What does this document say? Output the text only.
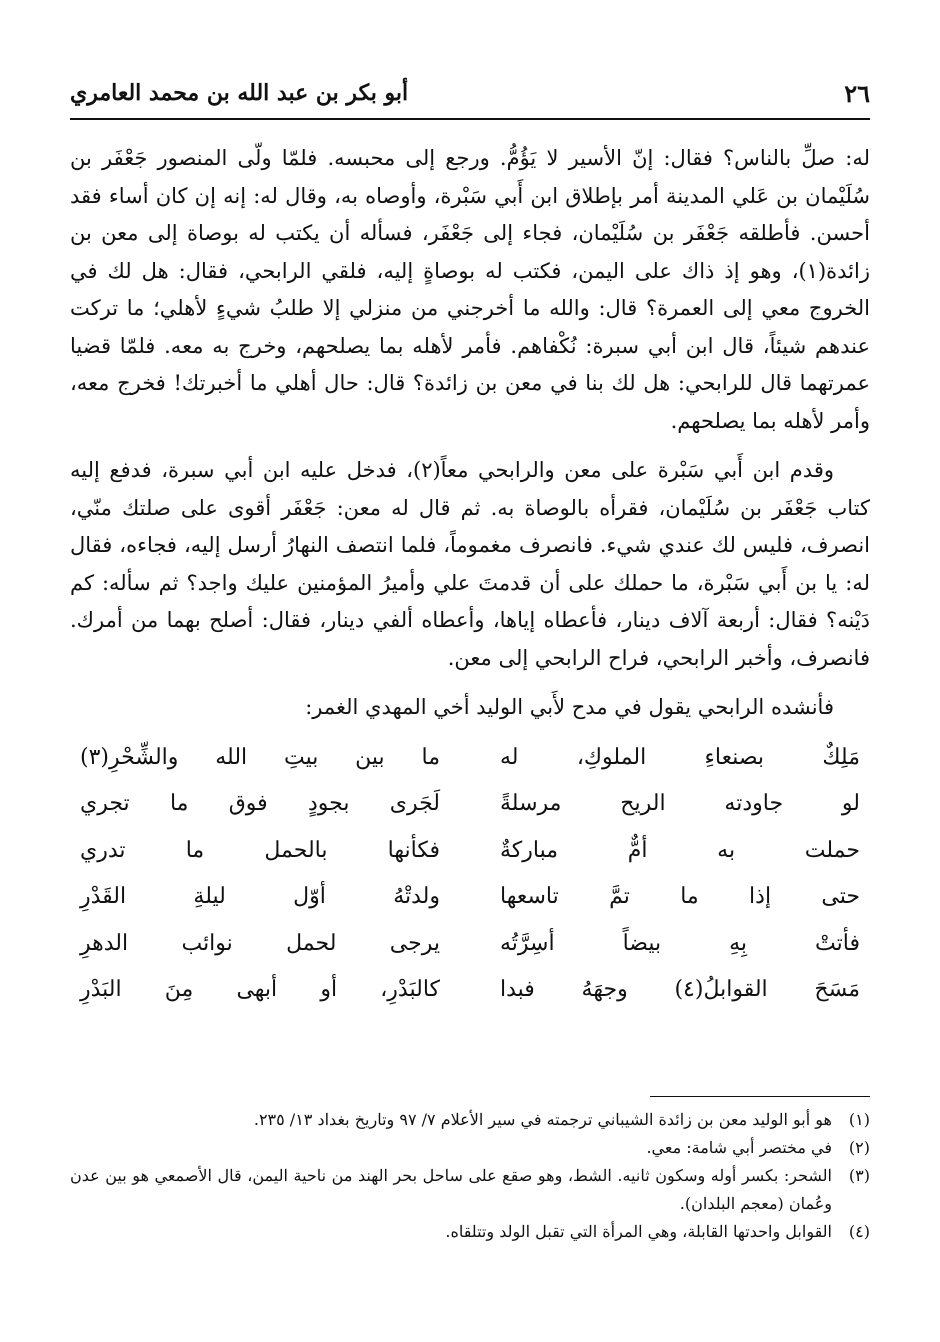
٢٦
أبو بكر بن عبد الله بن محمد العامري

له: صلِّ بالناس؟ فقال: إنّ الأسير لا يَؤُمُّ. ورجع إلى محبسه. فلمّا ولّى المنصور جَعْفَر بن سُلَيْمان بن عَلي المدينة أمر بإطلاق ابن أَبي سَبْرة، وأوصاه به، وقال له: إنه إن كان أساء فقد أحسن. فأطلقه جَعْفَر بن سُلَيْمان، فجاء إلى جَعْفَر، فسأله أن يكتب له بوصاة إلى معن بن زائدة(١)، وهو إذ ذاك على اليمن، فكتب له بوصاةٍ إليه، فلقي الرابحي، فقال: هل لك في الخروج معي إلى العمرة؟ قال: والله ما أخرجني من منزلي إلا طلبُ شيءٍ لأهلي؛ ما تركت عندهم شيئاً، قال ابن أبي سبرة: نُكْفاهم. فأمر لأهله بما يصلحهم، وخرج به معه. فلمّا قضيا عمرتهما قال للرابحي: هل لك بنا في معن بن زائدة؟ قال: حال أهلي ما أخبرتك! فخرج معه، وأمر لأهله بما يصلحهم.

وقدم ابن أَبي سَبْرة على معن والرابحي معاً(٢)، فدخل عليه ابن أبي سبرة، فدفع إليه كتاب جَعْفَر بن سُلَيْمان، فقرأه بالوصاة به. ثم قال له معن: جَعْفَر أقوى على صلتك منّي، انصرف، فليس لك عندي شيء. فانصرف مغموماً، فلما انتصف النهارُ أرسل إليه، فجاءه، فقال له: يا بن أَبي سَبْرة، ما حملك على أن قدمتَ علي وأميرُ المؤمنين عليك واجد؟ ثم سأله: كم دَيْنه؟ فقال: أربعة آلاف دينار، فأعطاه إياها، وأعطاه ألفي دينار، فقال: أصلح بهما من أمرك. فانصرف، وأخبر الرابحي، فراح الرابحي إلى معن.

فأنشده الرابحي يقول في مدح لأَبي الوليد أخي المهدي الغمر:

مَلِكٌ بصنعاءِ الملوكِ، له
ما بين بيتِ الله والشِّحْرِ(٣)
لو جاودته الريح مرسلةً
لَجَرى بجودٍ فوق ما تجري
حملت به أمٌّ مباركةٌ
فكأنها بالحمل ما تدري
حتى إذا ما تمَّ تاسعها
ولدتْهُ أوّل ليلةِ القَدْرِ
فأتتْ بِهِ بيضاً أسِرَّتُه
يرجى لحمل نوائب الدهرِ
مَسَحَ القوابلُ(٤) وجهَهُ فبدا
كالبَدْرِ، أو أبهى مِنَ البَدْرِ
(١)
هو أبو الوليد معن بن زائدة الشيباني ترجمته في سير الأعلام ٧/ ٩٧ وتاريخ بغداد ١٣/ ٢٣٥.
(٢)
في مختصر أبي شامة: معي.
(٣)
الشحر: بكسر أوله وسكون ثانيه. الشط، وهو صقع على ساحل بحر الهند من ناحية اليمن، قال الأصمعي هو بين عدن وعُمان (معجم البلدان).
(٤)
القوابل واحدتها القابلة، وهي المرأة التي تقبل الولد وتتلقاه.
